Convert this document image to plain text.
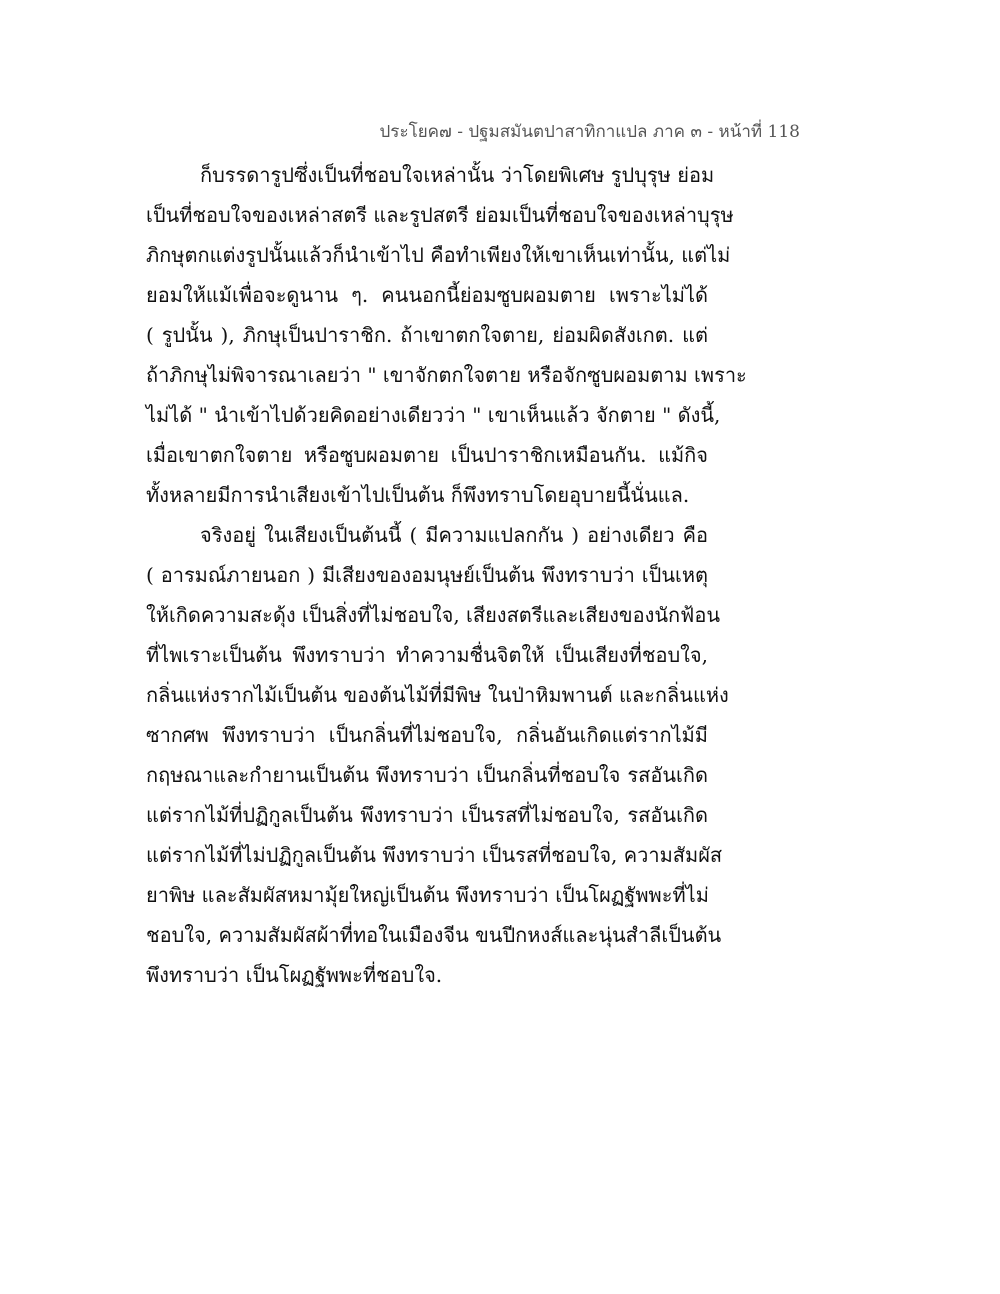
ประโยค๗ - ปฐมสมันตปาสาทิกาแปล ภาค ๓ - หน้าที่ 118
ก็บรรดารูปซึ่งเป็นที่ชอบใจเหล่านั้น ว่าโดยพิเศษ รูปบุรุษ ย่อม
เป็นที่ชอบใจของเหล่าสตรี และรูปสตรี ย่อมเป็นที่ชอบใจของเหล่าบุรุษ
ภิกษุตกแต่งรูปนั้นแล้วก็นำเข้าไป คือทำเพียงให้เขาเห็นเท่านั้น, แต่ไม่
ยอมให้แม้เพื่อจะดูนาน ๆ. คนนอกนี้ย่อมซูบผอมตาย เพราะไม่ได้
( รูปนั้น ), ภิกษุเป็นปาราชิก. ถ้าเขาตกใจตาย, ย่อมผิดสังเกต. แต่
ถ้าภิกษุไม่พิจารณาเลยว่า " เขาจักตกใจตาย หรือจักซูบผอมตาม เพราะ
ไม่ได้ " นำเข้าไปด้วยคิดอย่างเดียวว่า " เขาเห็นแล้ว จักตาย " ดังนี้,
เมื่อเขาตกใจตาย หรือซูบผอมตาย เป็นปาราชิกเหมือนกัน. แม้กิจ
ทั้งหลายมีการนำเสียงเข้าไปเป็นต้น ก็พึงทราบโดยอุบายนี้นั่นแล.
จริงอยู่ ในเสียงเป็นต้นนี้ ( มีความแปลกกัน ) อย่างเดียว คือ
( อารมณ์ภายนอก ) มีเสียงของอมนุษย์เป็นต้น พึงทราบว่า เป็นเหตุ
ให้เกิดความสะดุ้ง เป็นสิ่งที่ไม่ชอบใจ, เสียงสตรีและเสียงของนักฟ้อน
ที่ไพเราะเป็นต้น พึงทราบว่า ทำความชื่นจิตให้ เป็นเสียงที่ชอบใจ,
กลิ่นแห่งรากไม้เป็นต้น ของต้นไม้ที่มีพิษ ในป่าหิมพานต์ และกลิ่นแห่ง
ซากศพ พึงทราบว่า เป็นกลิ่นที่ไม่ชอบใจ, กลิ่นอันเกิดแต่รากไม้มี
กฤษณาและกำยานเป็นต้น พึงทราบว่า เป็นกลิ่นที่ชอบใจ รสอันเกิด
แต่รากไม้ที่ปฏิกูลเป็นต้น พึงทราบว่า เป็นรสที่ไม่ชอบใจ, รสอันเกิด
แต่รากไม้ที่ไม่ปฏิกูลเป็นต้น พึงทราบว่า เป็นรสที่ชอบใจ, ความสัมผัส
ยาพิษ และสัมผัสหมามุ้ยใหญ่เป็นต้น พึงทราบว่า เป็นโผฏฐัพพะที่ไม่
ชอบใจ, ความสัมผัสผ้าที่ทอในเมืองจีน ขนปีกหงส์และนุ่นสำลีเป็นต้น
พึงทราบว่า เป็นโผฏฐัพพะที่ชอบใจ.
